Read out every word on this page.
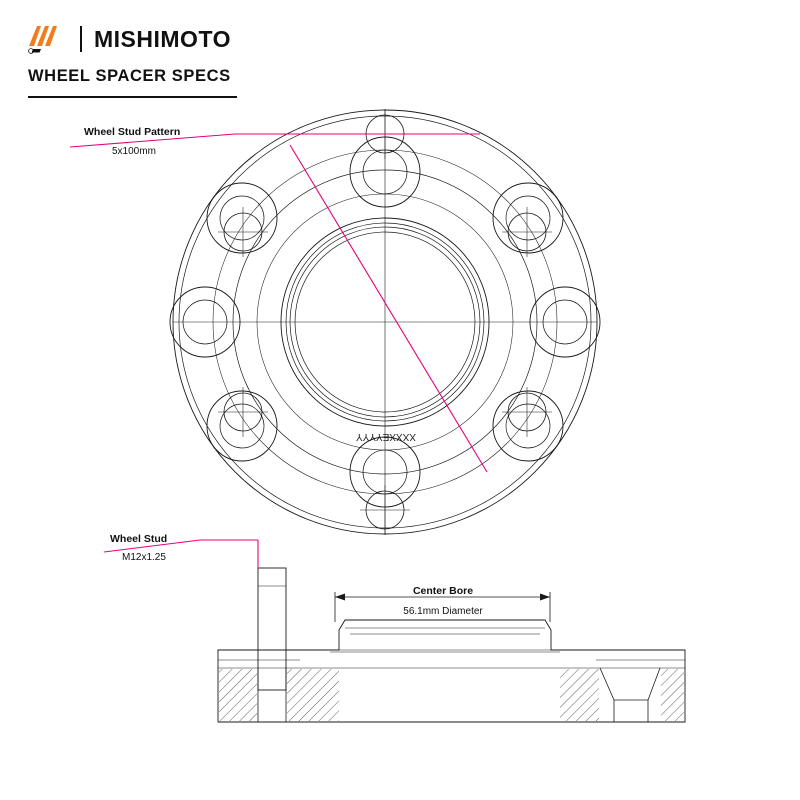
MISHIMOTO
WHEEL SPACER SPECS
XXXXEYYYY
Wheel Stud Pattern
5x100mm
Wheel Stud
M12x1.25
Center Bore
56.1mm Diameter
